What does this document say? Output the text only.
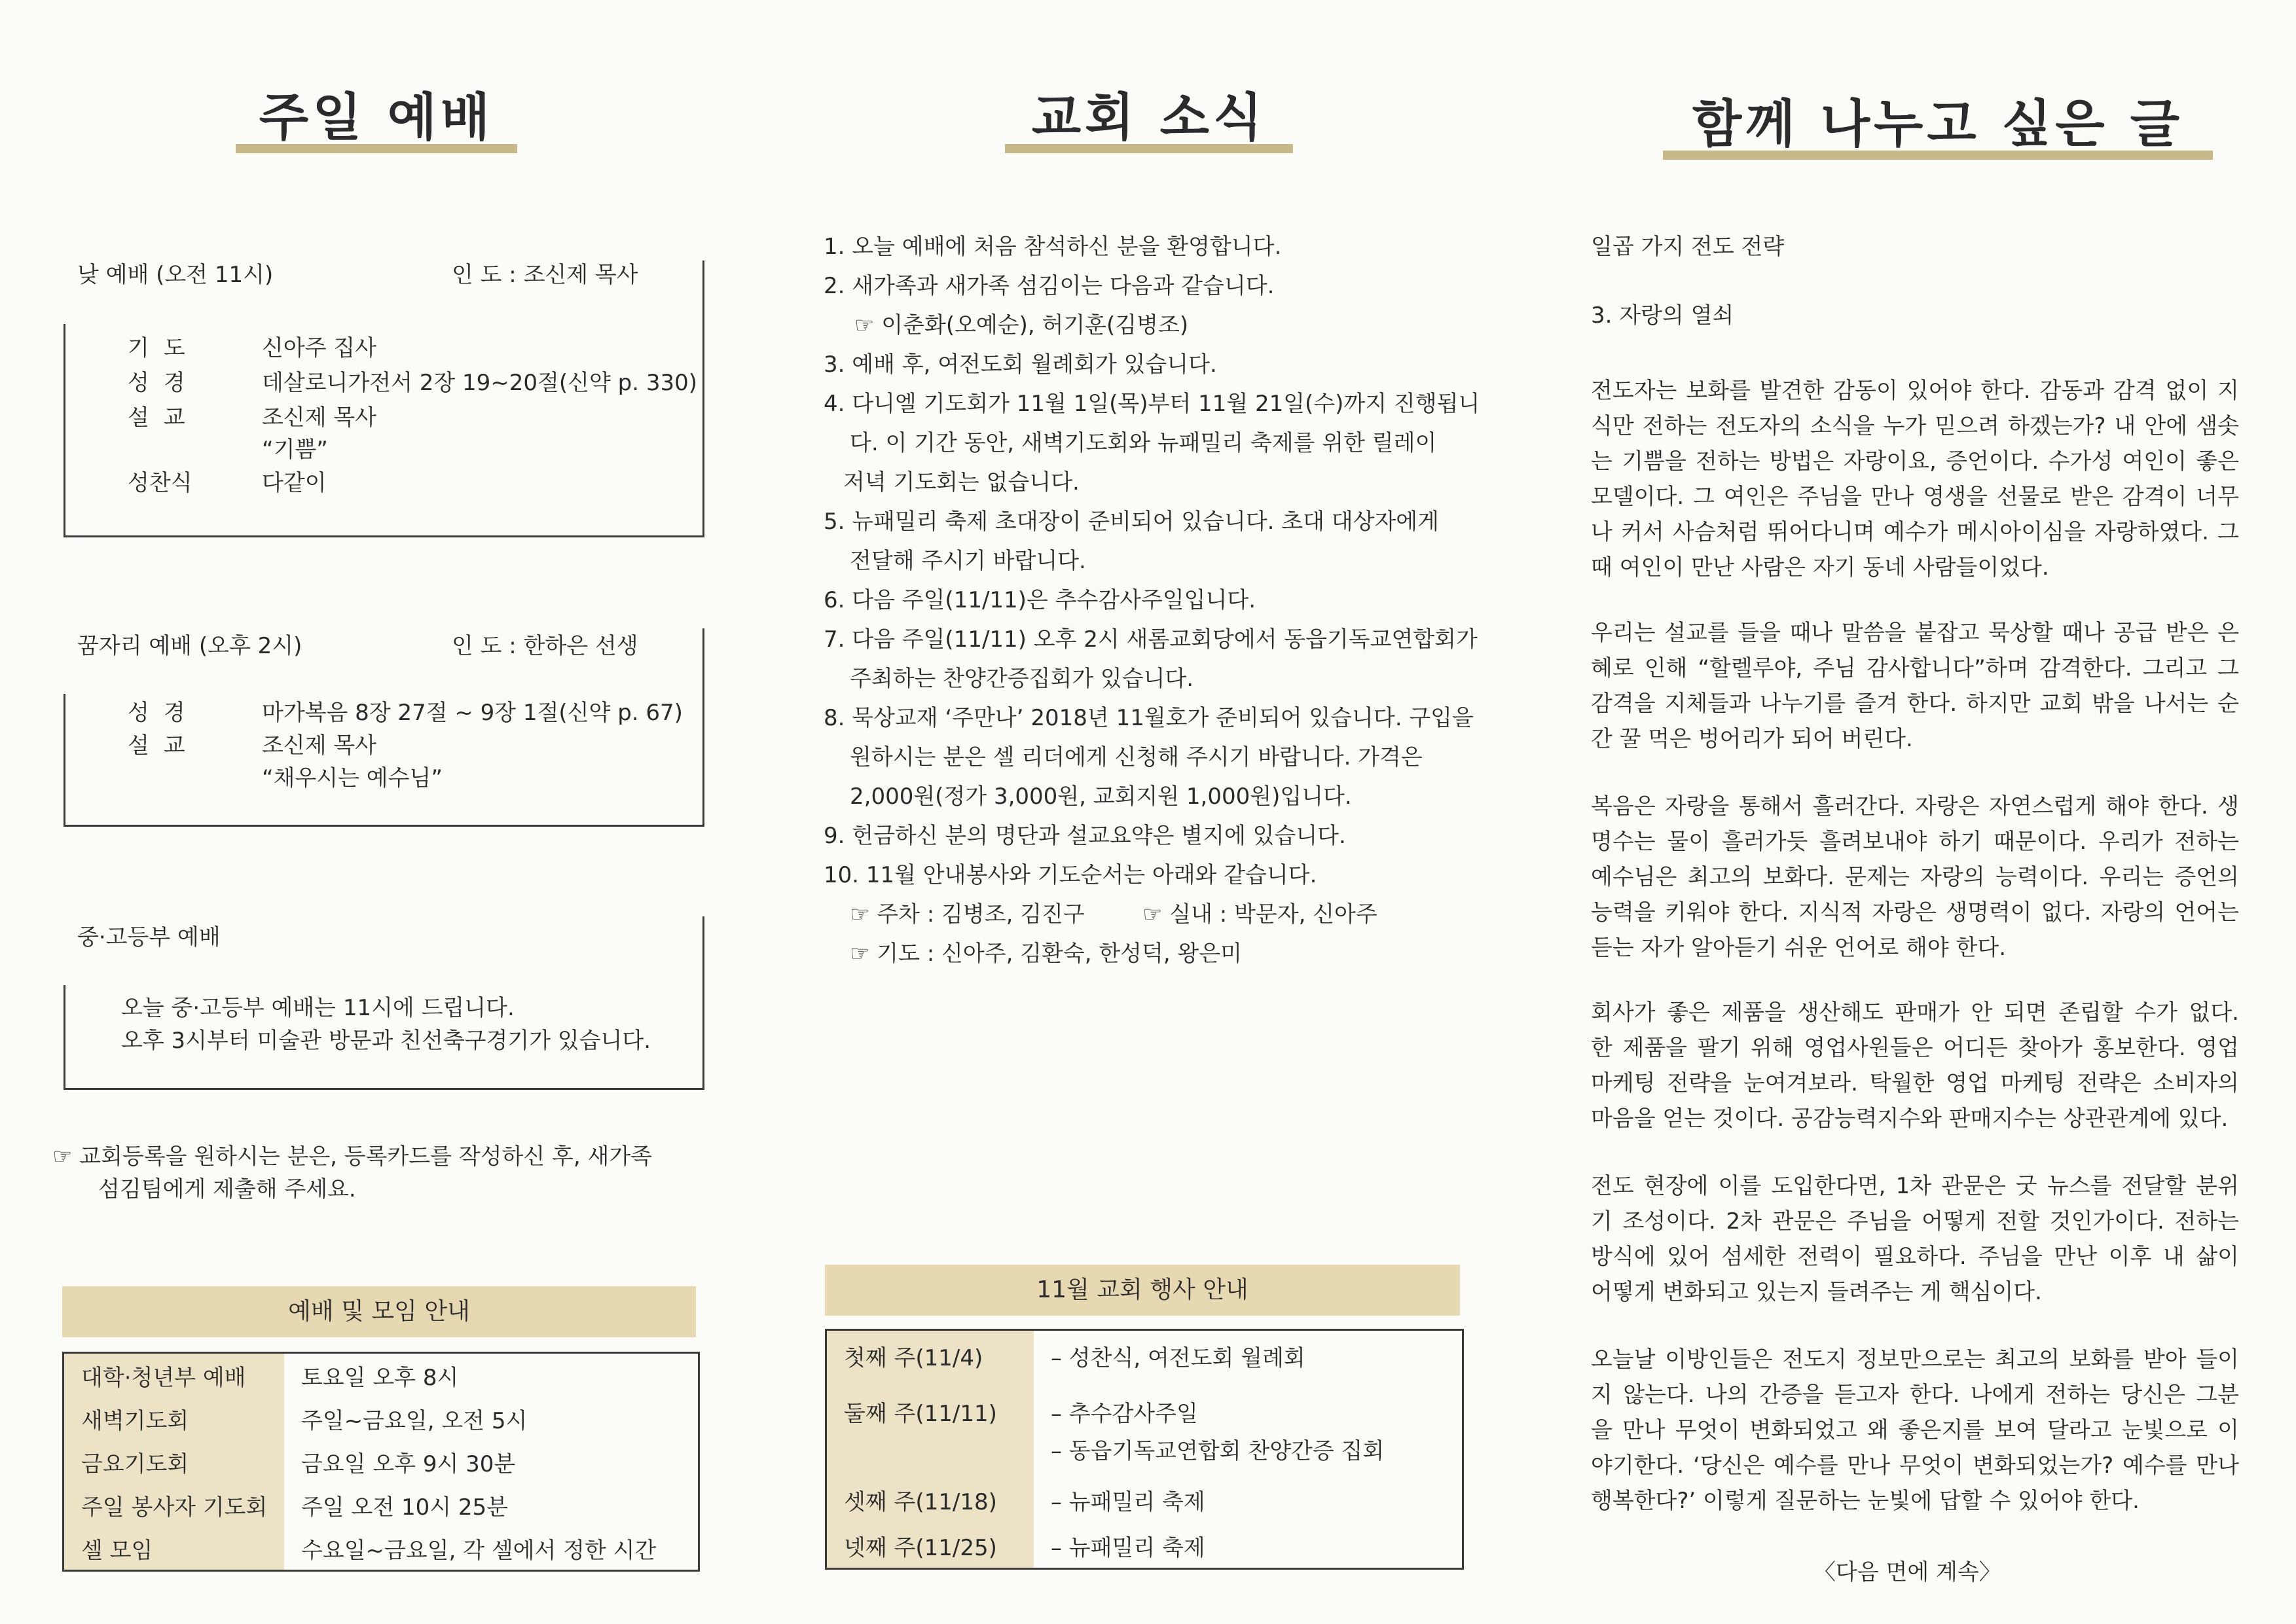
주일 예배
낮 예배 (오전 11시)	인 도 : 조신제 목사
기도	신아주 집사
성경	데살로니가전서 2장 19~20절(신약 p. 330)
설교	조신제 목사
“기쁨”
성찬식	다같이
꿈자리 예배 (오후 2시)	인 도 : 한하은 선생
성경	마가복음 8장 27절 ~ 9장 1절(신약 p. 67)
설교	조신제 목사
“채우시는 예수님”
중·고등부 예배
오늘 중·고등부 예배는 11시에 드립니다.
오후 3시부터 미술관 방문과 친선축구경기가 있습니다.
☞ 교회등록을 원하시는 분은, 등록카드를 작성하신 후, 새가족
섬김팀에게 제출해 주세요.
예배 및 모임 안내
대학·청년부 예배	토요일 오후 8시
새벽기도회	주일~금요일, 오전 5시
금요기도회	금요일 오후 9시 30분
주일 봉사자 기도회	주일 오전 10시 25분
셀 모임	수요일~금요일, 각 셀에서 정한 시간
교회 소식
1. 오늘 예배에 처음 참석하신 분을 환영합니다.
2. 새가족과 새가족 섬김이는 다음과 같습니다.
☞ 이춘화(오예순), 허기훈(김병조)
3. 예배 후, 여전도회 월례회가 있습니다.
4. 다니엘 기도회가 11월 1일(목)부터 11월 21일(수)까지 진행됩니
다. 이 기간 동안, 새벽기도회와 뉴패밀리 축제를 위한 릴레이
저녁 기도회는 없습니다.
5. 뉴패밀리 축제 초대장이 준비되어 있습니다. 초대 대상자에게
전달해 주시기 바랍니다.
6. 다음 주일(11/11)은 추수감사주일입니다.
7. 다음 주일(11/11) 오후 2시 새롬교회당에서 동읍기독교연합회가
주최하는 찬양간증집회가 있습니다.
8. 묵상교재 ‘주만나’ 2018년 11월호가 준비되어 있습니다. 구입을
원하시는 분은 셀 리더에게 신청해 주시기 바랍니다. 가격은
2,000원(정가 3,000원, 교회지원 1,000원)입니다.
9. 헌금하신 분의 명단과 설교요약은 별지에 있습니다.
10. 11월 안내봉사와 기도순서는 아래와 같습니다.
☞ 주차 : 김병조, 김진구	☞ 실내 : 박문자, 신아주
☞ 기도 : 신아주, 김환숙, 한성덕, 왕은미
11월 교회 행사 안내
첫째 주(11/4)	– 성찬식, 여전도회 월례회
둘째 주(11/11) – 추수감사주일
– 동읍기독교연합회 찬양간증 집회
셋째 주(11/18) – 뉴패밀리 축제
넷째 주(11/25) – 뉴패밀리 축제
함께 나누고 싶은 글
일곱 가지 전도 전략
3. 자랑의 열쇠
전도자는 보화를 발견한 감동이 있어야 한다. 감동과 감격 없이 지
식만 전하는 전도자의 소식을 누가 믿으려 하겠는가? 내 안에 샘솟
는 기쁨을 전하는 방법은 자랑이요, 증언이다. 수가성 여인이 좋은
모델이다. 그 여인은 주님을 만나 영생을 선물로 받은 감격이 너무
나 커서 사슴처럼 뛰어다니며 예수가 메시아이심을 자랑하였다. 그
때 여인이 만난 사람은 자기 동네 사람들이었다.
우리는 설교를 들을 때나 말씀을 붙잡고 묵상할 때나 공급 받은 은
혜로 인해 “할렐루야, 주님 감사합니다”하며 감격한다. 그리고 그
감격을 지체들과 나누기를 즐겨 한다. 하지만 교회 밖을 나서는 순
간 꿀 먹은 벙어리가 되어 버린다.
복음은 자랑을 통해서 흘러간다. 자랑은 자연스럽게 해야 한다. 생
명수는 물이 흘러가듯 흘려보내야 하기 때문이다. 우리가 전하는
예수님은 최고의 보화다. 문제는 자랑의 능력이다. 우리는 증언의
능력을 키워야 한다. 지식적 자랑은 생명력이 없다. 자랑의 언어는
듣는 자가 알아듣기 쉬운 언어로 해야 한다.
회사가 좋은 제품을 생산해도 판매가 안 되면 존립할 수가 없다.
한 제품을 팔기 위해 영업사원들은 어디든 찾아가 홍보한다. 영업
마케팅 전략을 눈여겨보라. 탁월한 영업 마케팅 전략은 소비자의
마음을 얻는 것이다. 공감능력지수와 판매지수는 상관관계에 있다.
전도 현장에 이를 도입한다면, 1차 관문은 굿 뉴스를 전달할 분위
기 조성이다. 2차 관문은 주님을 어떻게 전할 것인가이다. 전하는
방식에 있어 섬세한 전력이 필요하다. 주님을 만난 이후 내 삶이
어떻게 변화되고 있는지 들려주는 게 핵심이다.
오늘날 이방인들은 전도지 정보만으로는 최고의 보화를 받아 들이
지 않는다. 나의 간증을 듣고자 한다. 나에게 전하는 당신은 그분
을 만나 무엇이 변화되었고 왜 좋은지를 보여 달라고 눈빛으로 이
야기한다. ‘당신은 예수를 만나 무엇이 변화되었는가? 예수를 만나
행복한다?’ 이렇게 질문하는 눈빛에 답할 수 있어야 한다.
〈다음 면에 계속〉
